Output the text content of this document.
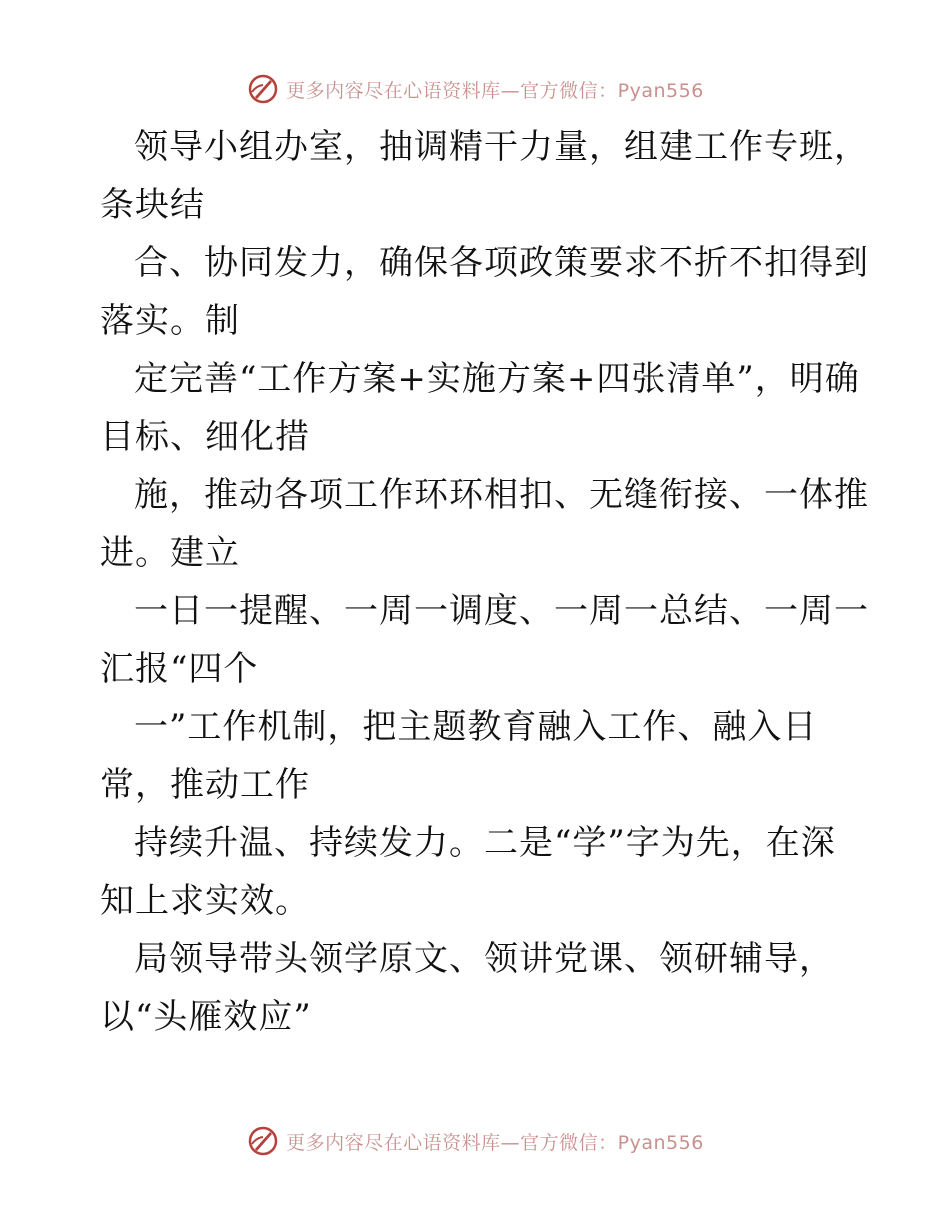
更多内容尽在心语资料库—官方微信：Pyan556
领导小组办室，抽调精干力量，组建工作专班，
条块结
合、协同发力，确保各项政策要求不折不扣得到
落实。制
定完善“工作方案+实施方案+四张清单”，明确
目标、细化措
施，推动各项工作环环相扣、无缝衔接、一体推
进。建立
一日一提醒、一周一调度、一周一总结、一周一
汇报“四个
一”工作机制，把主题教育融入工作、融入日
常，推动工作
持续升温、持续发力。二是“学”字为先，在深
知上求实效。
局领导带头领学原文、领讲党课、领研辅导，
以“头雁效应”
更多内容尽在心语资料库—官方微信：Pyan556
